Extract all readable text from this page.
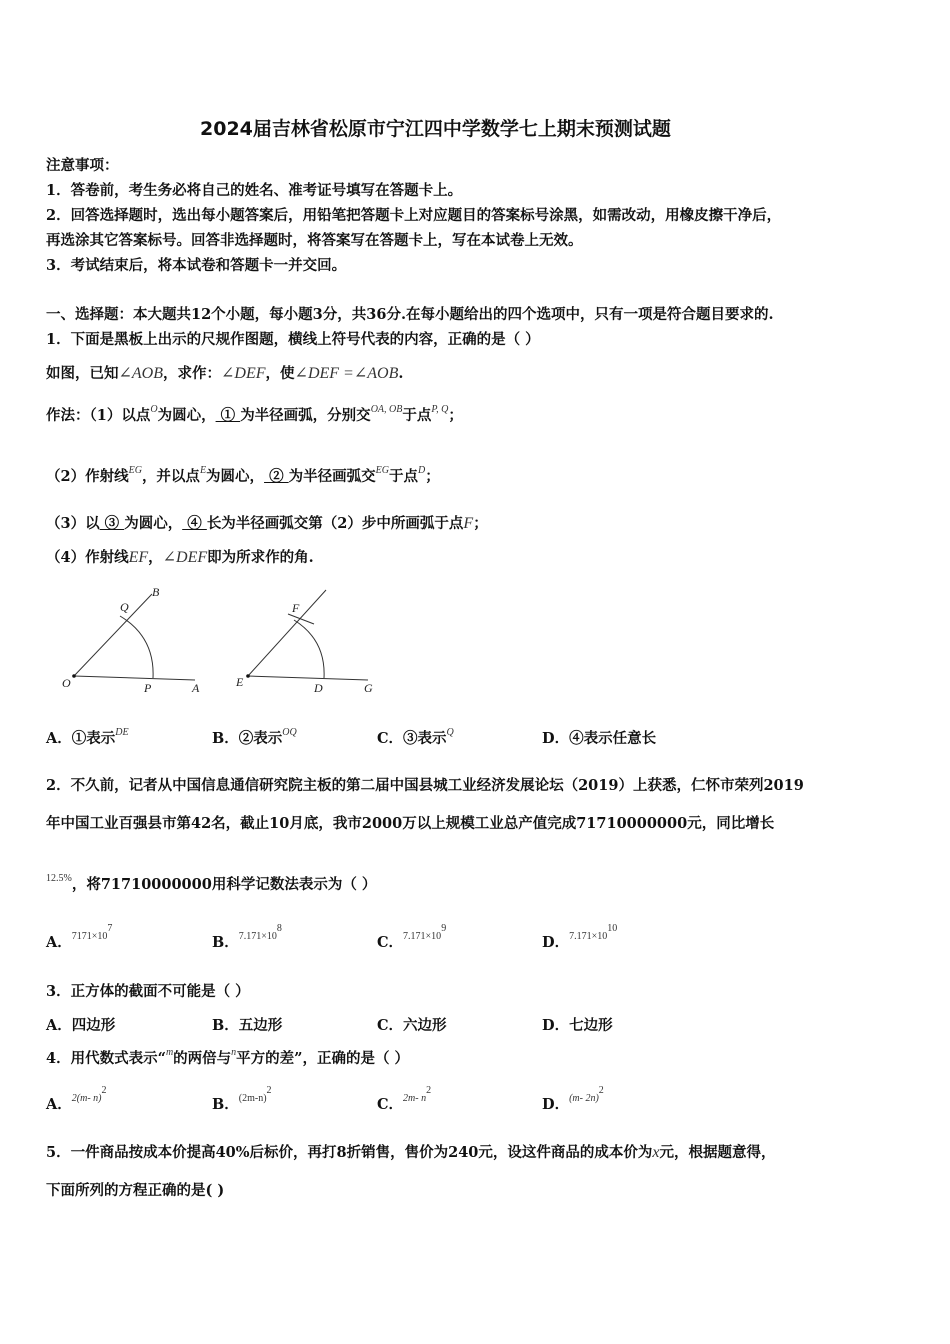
2024届吉林省松原市宁江四中学数学七上期末预测试题
注意事项：
1．答卷前，考生务必将自己的姓名、准考证号填写在答题卡上。
2．回答选择题时，选出每小题答案后，用铅笔把答题卡上对应题目的答案标号涂黑，如需改动，用橡皮擦干净后，
再选涂其它答案标号。回答非选择题时，将答案写在答题卡上，写在本试卷上无效。
3．考试结束后，将本试卷和答题卡一并交回。
一、选择题：本大题共12个小题，每小题3分，共36分.在每小题给出的四个选项中，只有一项是符合题目要求的.
1．下面是黑板上出示的尺规作图题，横线上符号代表的内容，正确的是（ ）
如图，已知∠AOB，求作：∠DEF，使∠DEF =∠AOB.
作法：（1）以点$^O$为圆心， ① 为半径画弧，分别交$^{OA, OB}$于点$^{P, Q}$；
（2）作射线$^{EG}$，并以点$^E$为圆心， ② 为半径画弧交$^{EG}$于点$^D$；
（3）以 ③ 为圆心， ④ 长为半径画弧交第（2）步中所画弧于点F；
（4）作射线EF，∠DEF即为所求作的角.
O
Q
B
P	A
F
E	D	G
A．①表示$^{DE}$	B．②表示$^{OQ}$	C．③表示$^Q$	D．④表示任意长
2．不久前，记者从中国信息通信研究院主板的第二届中国县城工业经济发展论坛（2019）上获悉，仁怀市荣列2019
年中国工业百强县市第42名，截止10月底，我市2000万以上规模工业总产值完成71710000000元，同比增长
$^{12.5\%}$，将71710000000用科学记数法表示为（ ）
A．$^{7171\times 107}$
B．$^{7.171\times 108}$
C．$^{7.171\times 109}$
D．$^{7.171\times 1010}$
3．正方体的截面不可能是（ ）
A．四边形	B．五边形	C．六边形	D．七边形
4．用代数式表示“$^m$的两倍与$^n$平方的差”，正确的是（ ）
A．$^{2(m- n)2}$
B．$^{(2m-n)2}$
C．$^{2m- n2}$
D．$^{(m- 2n)2}$
5．一件商品按成本价提高40%后标价，再打8折销售，售价为240元，设这件商品的成本价为x元，根据题意得，
下面所列的方程正确的是( )
